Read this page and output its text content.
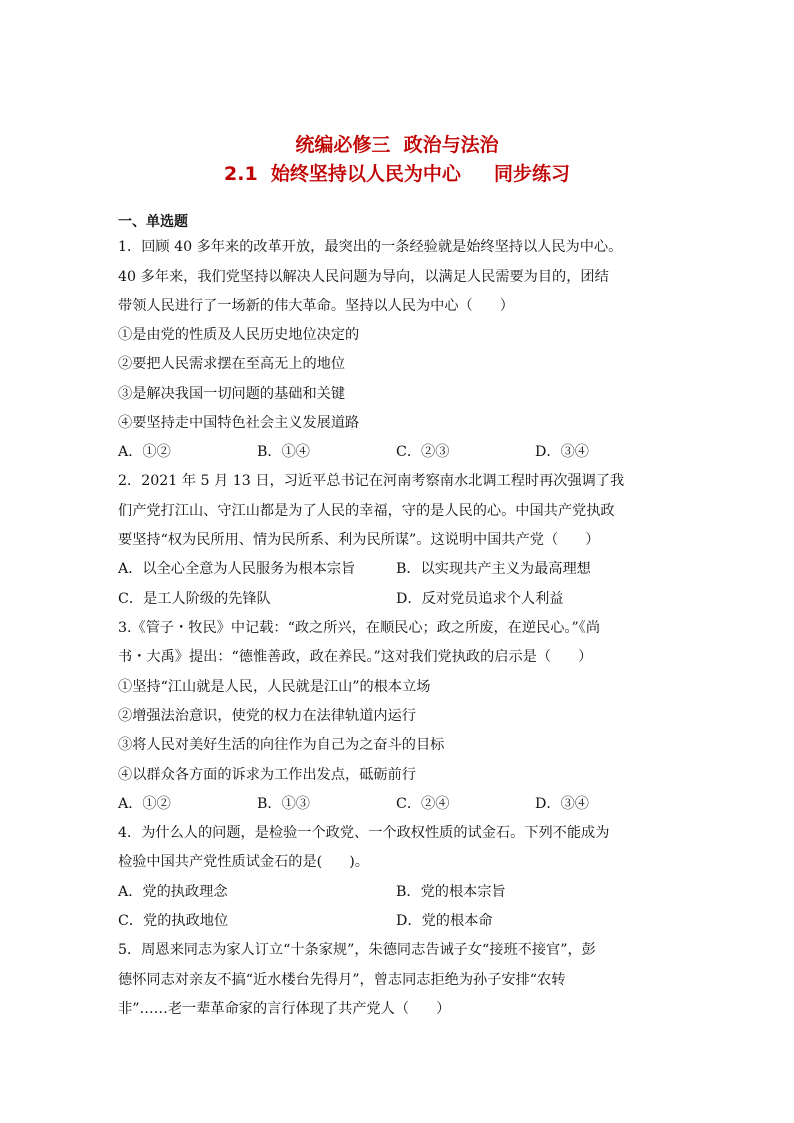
统编必修三  政治与法治
2.1  始终坚持以人民为中心     同步练习
一、单选题
1．回顾 40 多年来的改革开放，最突出的一条经验就是始终坚持以人民为中心。
40 多年来，我们党坚持以解决人民问题为导向，以满足人民需要为目的，团结
带领人民进行了一场新的伟大革命。坚持以人民为中心（      ）
①是由党的性质及人民历史地位决定的
②要把人民需求摆在至高无上的地位
③是解决我国一切问题的基础和关键
④要坚持走中国特色社会主义发展道路
A．①②	B．①④	C．②③	D．③④
2．2021 年 5 月 13 日，习近平总书记在河南考察南水北调工程时再次强调了我
们产党打江山、守江山都是为了人民的幸福，守的是人民的心。中国共产党执政
要坚持“权为民所用、情为民所系、利为民所谋”。这说明中国共产党（      ）
A．以全心全意为人民服务为根本宗旨	B．以实现共产主义为最高理想
C．是工人阶级的先锋队	D．反对党员追求个人利益
3.《管子・牧民》中记载：“政之所兴，在顺民心；政之所废，在逆民心。”《尚
书・大禹》提出：“德惟善政，政在养民。”这对我们党执政的启示是（      ）
①坚持“江山就是人民，人民就是江山”的根本立场
②增强法治意识，使党的权力在法律轨道内运行
③将人民对美好生活的向往作为自己为之奋斗的目标
④以群众各方面的诉求为工作出发点，砥砺前行
A．①②	B．①③	C．②④	D．③④
4．为什么人的问题，是检验一个政党、一个政权性质的试金石。下列不能成为
检验中国共产党性质试金石的是(      )。
A．党的执政理念	B．党的根本宗旨
C．党的执政地位	D．党的根本命
5．周恩来同志为家人订立“十条家规”，朱德同志告诫子女“接班不接官”，彭
德怀同志对亲友不搞“近水楼台先得月”，曾志同志拒绝为孙子安排“农转
非”……老一辈革命家的言行体现了共产党人（      ）
